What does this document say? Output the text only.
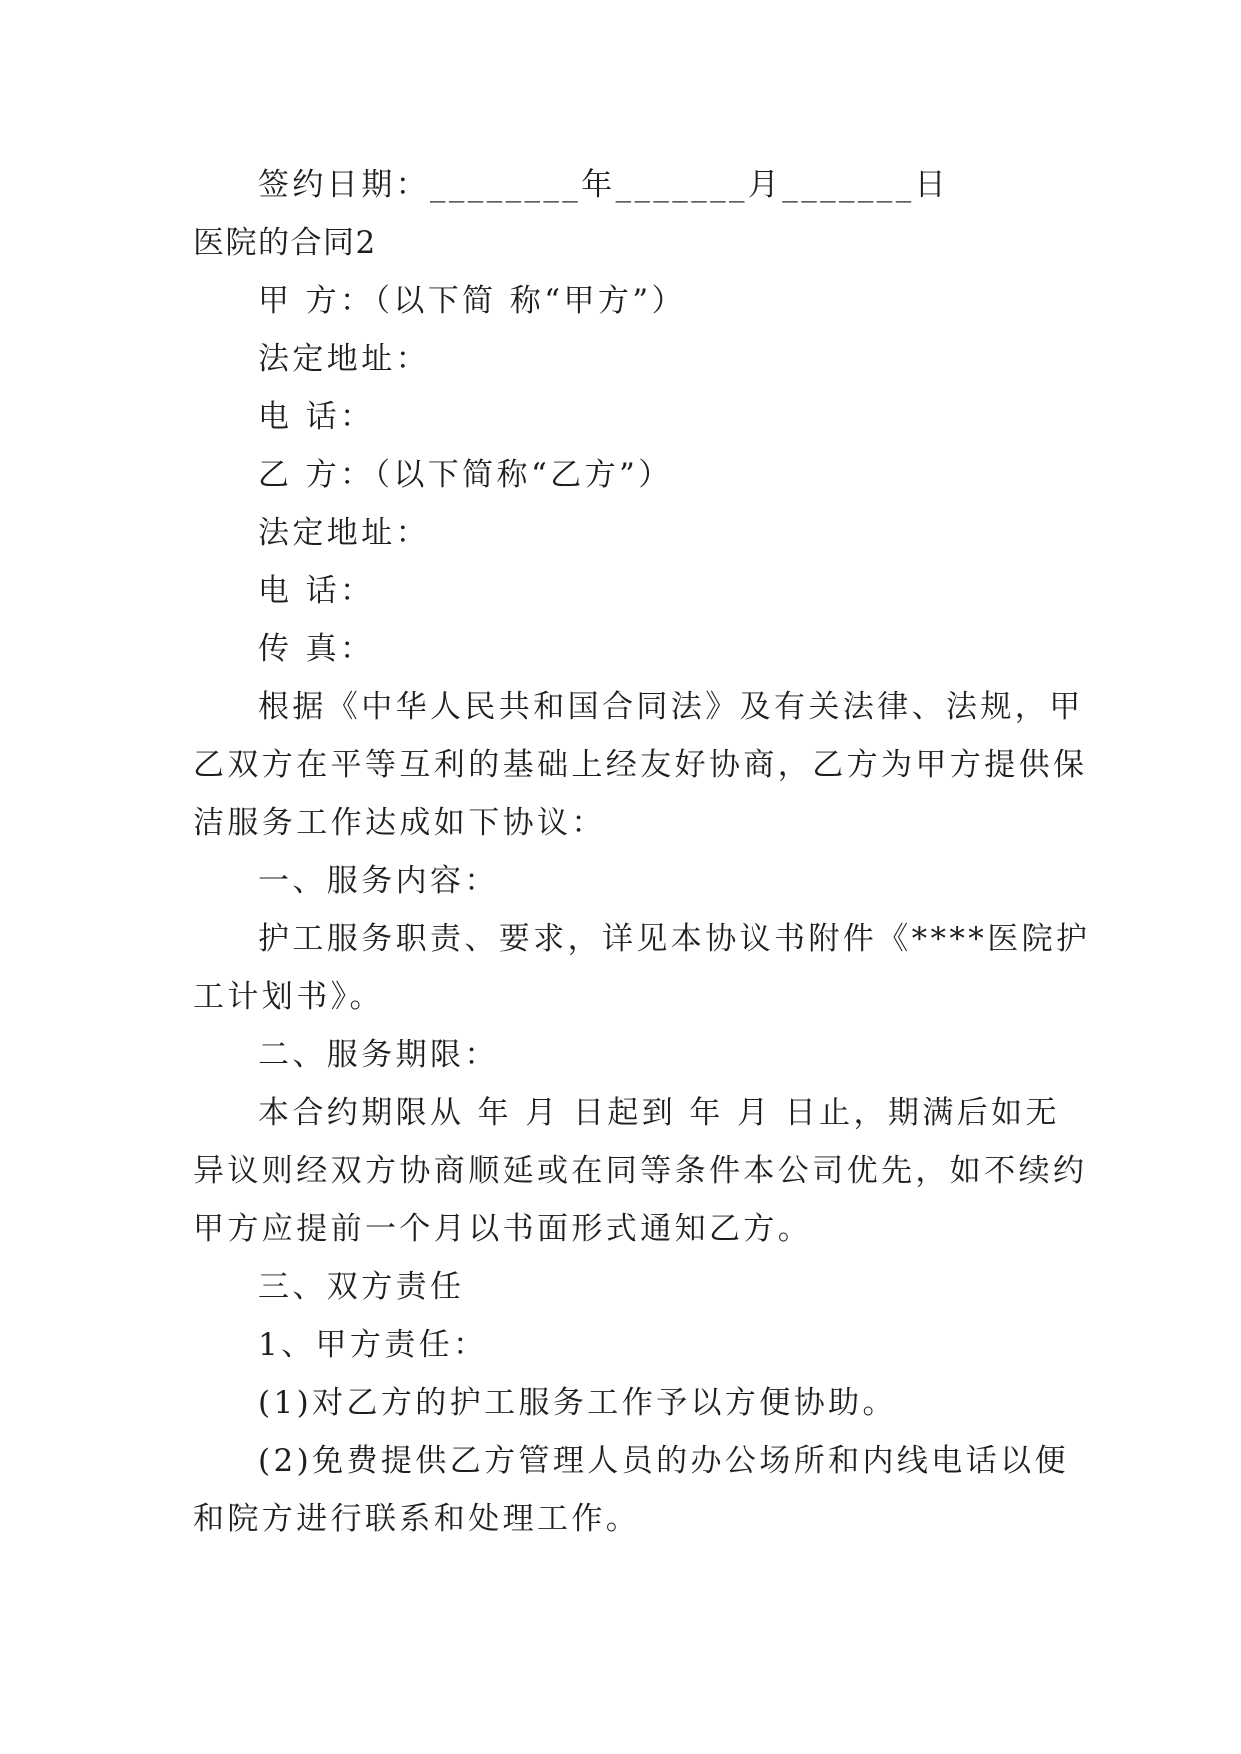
签约日期：________年_______月_______日
医院的合同2
甲 方：（以下简 称“甲方”）
法定地址：
电 话：
乙 方：（以下简称“乙方”）
法定地址：
电 话：
传 真：
根据《中华人民共和国合同法》及有关法律、法规，甲
乙双方在平等互利的基础上经友好协商，乙方为甲方提供保
洁服务工作达成如下协议：
一、服务内容：
护工服务职责、要求，详见本协议书附件《****医院护
工计划书》。
二、服务期限：
本合约期限从 年 月 日起到 年 月 日止，期满后如无
异议则经双方协商顺延或在同等条件本公司优先，如不续约
甲方应提前一个月以书面形式通知乙方。
三、双方责任
1、甲方责任：
(1)对乙方的护工服务工作予以方便协助。
(2)免费提供乙方管理人员的办公场所和内线电话以便
和院方进行联系和处理工作。
